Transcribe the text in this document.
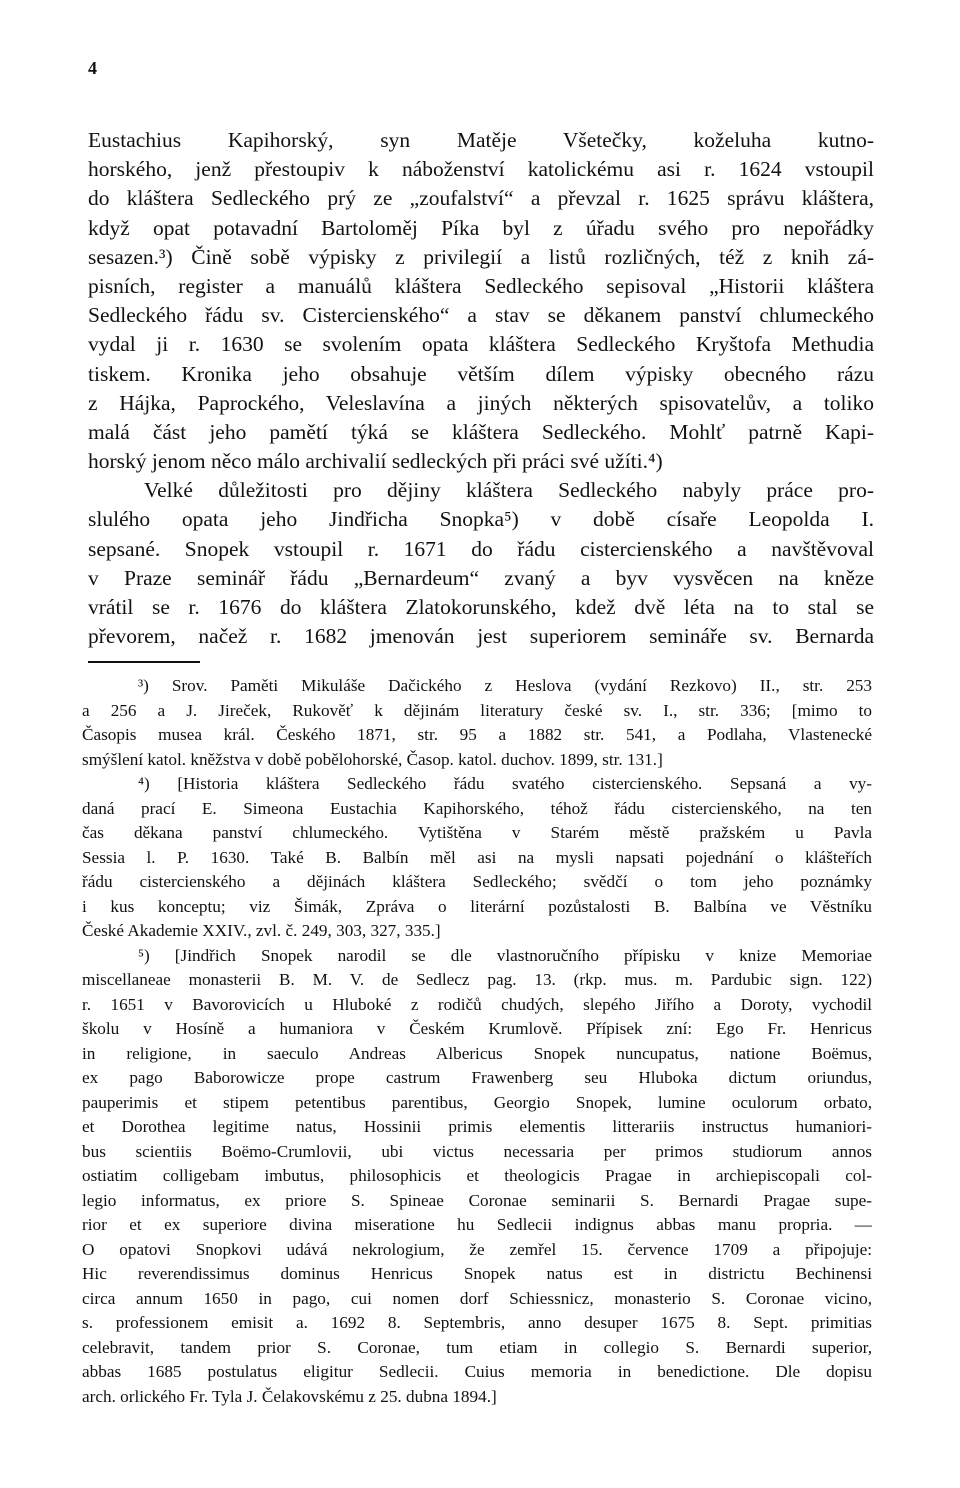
4
Eustachius Kapihorský, syn Matěje Všetečky, koželuha kutno-
horského, jenž přestoupiv k náboženství katolickému asi r. 1624 vstoupil
do kláštera Sedleckého prý ze „zoufalství“ a převzal r. 1625 správu kláštera,
když opat potavadní Bartoloměj Píka byl z úřadu svého pro nepořádky
sesazen.³) Čině sobě výpisky z privilegií a listů rozličných, též z knih zá-
pisních, register a manuálů kláštera Sedleckého sepisoval „Historii kláštera
Sedleckého řádu sv. Cisterciensk​ého“ a stav se děkanem panství chlumeckého
vydal ji r. 1630 se svolením opata kláštera Sedleckého Kryštofa Methudia
tiskem. Kronika jeho obsahuje větším dílem výpisky obecného rázu
z Hájka, Paprockého, Veleslavína a jiných některých spisovatelův, a toliko
malá část jeho pamětí týká se kláštera Sedleckého. Mohlť patrně Kapi-
horský jenom něco málo archivalií sedleckých při práci své užíti.⁴)
Velké důležitosti pro dějiny kláštera Sedleckého nabyly práce pro-
slulého opata jeho Jindřicha Snopka⁵) v době císaře Leopolda I.
sepsané. Snopek vstoupil r. 1671 do řádu cisterciensk​ého a navštěvoval
v Praze seminář řádu „Bernardeum“ zvaný a byv vysvěcen na kněze
vrátil se r. 1676 do kláštera Zlatokorunského, kdež dvě léta na to stal se
převorem, načež r. 1682 jmenován jest superiorem semináře sv. Bernarda
³) Srov. Paměti Mikuláše Dačického z Heslova (vydání Rezkovo) II., str. 253
a 256 a J. Jireček, Rukověť k dějinám literatury české sv. I., str. 336; [mimo to
Časopis musea král. Českého 1871, str. 95 a 1882 str. 541, a Podlaha, Vlastenecké
smýšlení katol. kněžstva v době pobělohorské, Časop. katol. duchov. 1899, str. 131.]
⁴) [Historia kláštera Sedleckého řádu svatého cisterciensk​ého. Sepsaná a vy-
daná prací E. Simeona Eustachia Kapihorského, téhož řádu cisterciensk​ého, na ten
čas děkana panství chlumeckého. Vytištěna v Starém městě pražském u Pavla
Sessia l. P. 1630. Také B. Balbín měl asi na mysli napsati pojednání o klášteřích
řádu cisterciensk​ého a dějinách kláštera Sedleckého; svědčí o tom jeho poznámky
i kus konceptu; viz Šimák, Zpráva o literární pozůstalosti B. Balbína ve Věstníku
České Akademie XXIV., zvl. č. 249, 303, 327, 335.]
⁵) [Jindřich Snopek narodil se dle vlastnoručního přípisku v knize Memoriae
miscellaneae monasterii B. M. V. de Sedlecz pag. 13. (rkp. mus. m. Pardubic sign. 122)
r. 1651 v Bavorovicích u Hluboké z rodičů chudých, slepého Jiřího a Doroty, vychodil
školu v Hosíně a humaniora v Českém Krumlově. Přípisek zní: Ego Fr. Henricus
in religione, in saeculo Andreas Albericus Snopek nuncupatus, natione Boëmus,
ex pago Baborowicze prope castrum Frawenberg seu Hluboka dictum oriundus,
pauperimis et stipem petentibus parentibus, Georgio Snopek, lumine oculorum orbato,
et Dorothea legitime natus, Hossinii primis elementis litterariis instructus humaniori-
bus scientiis Boëmo-Crumlovii, ubi victus necessaria per primos studiorum annos
ostiatim colligebam imbutus, philosophicis et theologicis Pragae in archiepiscopali col-
legio informatus, ex priore S. Spineae Coronae seminarii S. Bernardi Pragae supe-
rior et ex superiore divina miseratione hu Sedlecii indignus abbas manu propria. —
O opatovi Snopkovi udává nekrologium, že zemřel 15. července 1709 a připojuje:
Hic reverendissimus dominus Henricus Snopek natus est in districtu Bechinensi
circa annum 1650 in pago, cui nomen dorf Schiessnicz, monasterio S. Coronae vicino,
s. professionem emisit a. 1692 8. Septembris, anno desuper 1675 8. Sept. primitias
celebravit, tandem prior S. Coronae, tum etiam in collegio S. Bernardi superior,
abbas 1685 postulatus eligitur Sedlecii. Cuius memoria in benedictione. Dle dopisu
arch. orlického Fr. Tyla J. Čelakovskému z 25. dubna 1894.]
